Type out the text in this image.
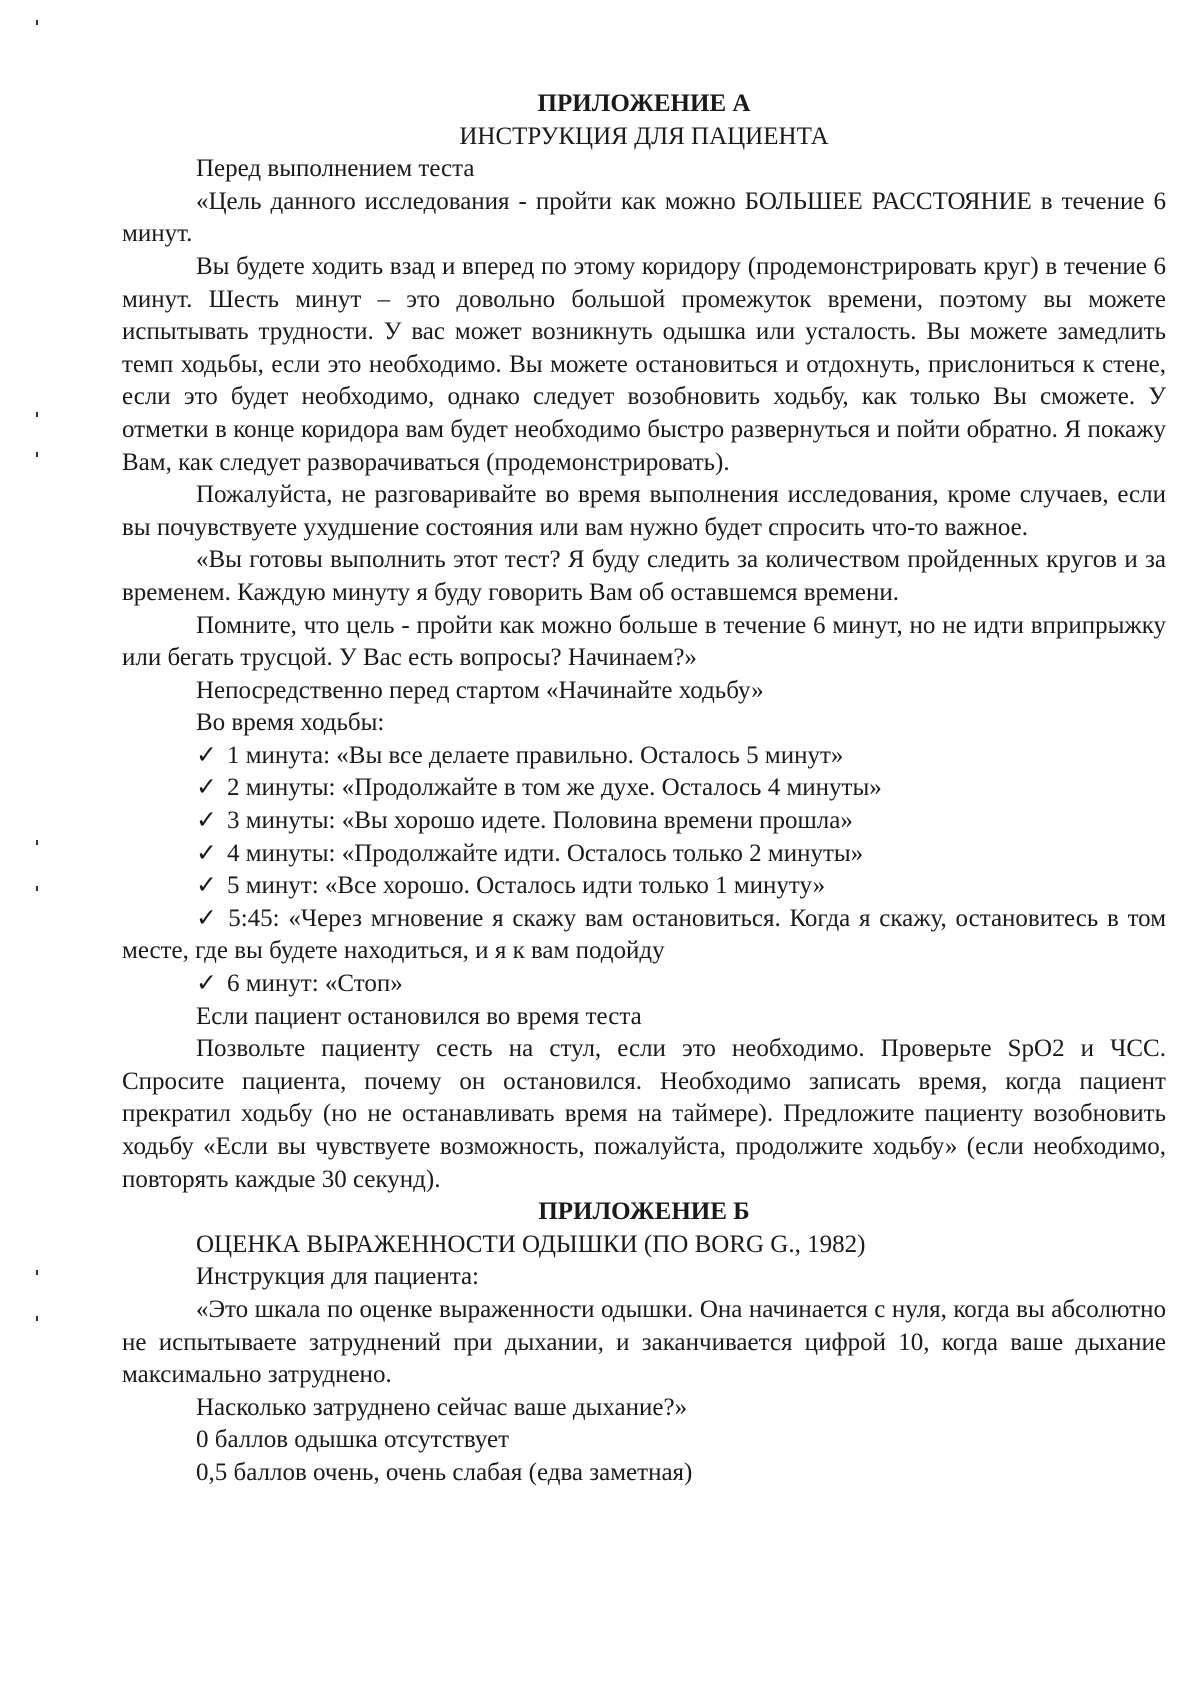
ПРИЛОЖЕНИЕ А
ИНСТРУКЦИЯ ДЛЯ ПАЦИЕНТА
Перед выполнением теста
«Цель данного исследования - пройти как можно БОЛЬШЕЕ РАССТОЯНИЕ в течение 6 минут.
Вы будете ходить взад и вперед по этому коридору (продемонстрировать круг) в течение 6 минут. Шесть минут – это довольно большой промежуток времени, поэтому вы можете испытывать трудности. У вас может возникнуть одышка или усталость. Вы можете замедлить темп ходьбы, если это необходимо. Вы можете остановиться и отдохнуть, прислониться к стене, если это будет необходимо, однако следует возобновить ходьбу, как только Вы сможете. У отметки в конце коридора вам будет необходимо быстро развернуться и пойти обратно. Я покажу Вам, как следует разворачиваться (продемонстрировать).
Пожалуйста, не разговаривайте во время выполнения исследования, кроме случаев, если вы почувствуете ухудшение состояния или вам нужно будет спросить что-то важное.
«Вы готовы выполнить этот тест? Я буду следить за количеством пройденных кругов и за временем. Каждую минуту я буду говорить Вам об оставшемся времени.
Помните, что цель - пройти как можно больше в течение 6 минут, но не идти вприпрыжку или бегать трусцой. У Вас есть вопросы? Начинаем?»
Непосредственно перед стартом «Начинайте ходьбу»
Во время ходьбы:
✓ 1 минута: «Вы все делаете правильно. Осталось 5 минут»
✓ 2 минуты: «Продолжайте в том же духе. Осталось 4 минуты»
✓ 3 минуты: «Вы хорошо идете. Половина времени прошла»
✓ 4 минуты: «Продолжайте идти. Осталось только 2 минуты»
✓ 5 минут: «Все хорошо. Осталось идти только 1 минуту»
✓ 5:45: «Через мгновение я скажу вам остановиться. Когда я скажу, остановитесь в том месте, где вы будете находиться, и я к вам подойду
✓ 6 минут: «Стоп»
Если пациент остановился во время теста
Позвольте пациенту сесть на стул, если это необходимо. Проверьте SpO2 и ЧСС. Спросите пациента, почему он остановился. Необходимо записать время, когда пациент прекратил ходьбу (но не останавливать время на таймере). Предложите пациенту возобновить ходьбу «Если вы чувствуете возможность, пожалуйста, продолжите ходьбу» (если необходимо, повторять каждые 30 секунд).
ПРИЛОЖЕНИЕ Б
ОЦЕНКА ВЫРАЖЕННОСТИ ОДЫШКИ (ПО BORG G., 1982)
Инструкция для пациента:
«Это шкала по оценке выраженности одышки. Она начинается с нуля, когда вы абсолютно не испытываете затруднений при дыхании, и заканчивается цифрой 10, когда ваше дыхание максимально затруднено.
Насколько затруднено сейчас ваше дыхание?»
0 баллов одышка отсутствует
0,5 баллов очень, очень слабая (едва заметная)
